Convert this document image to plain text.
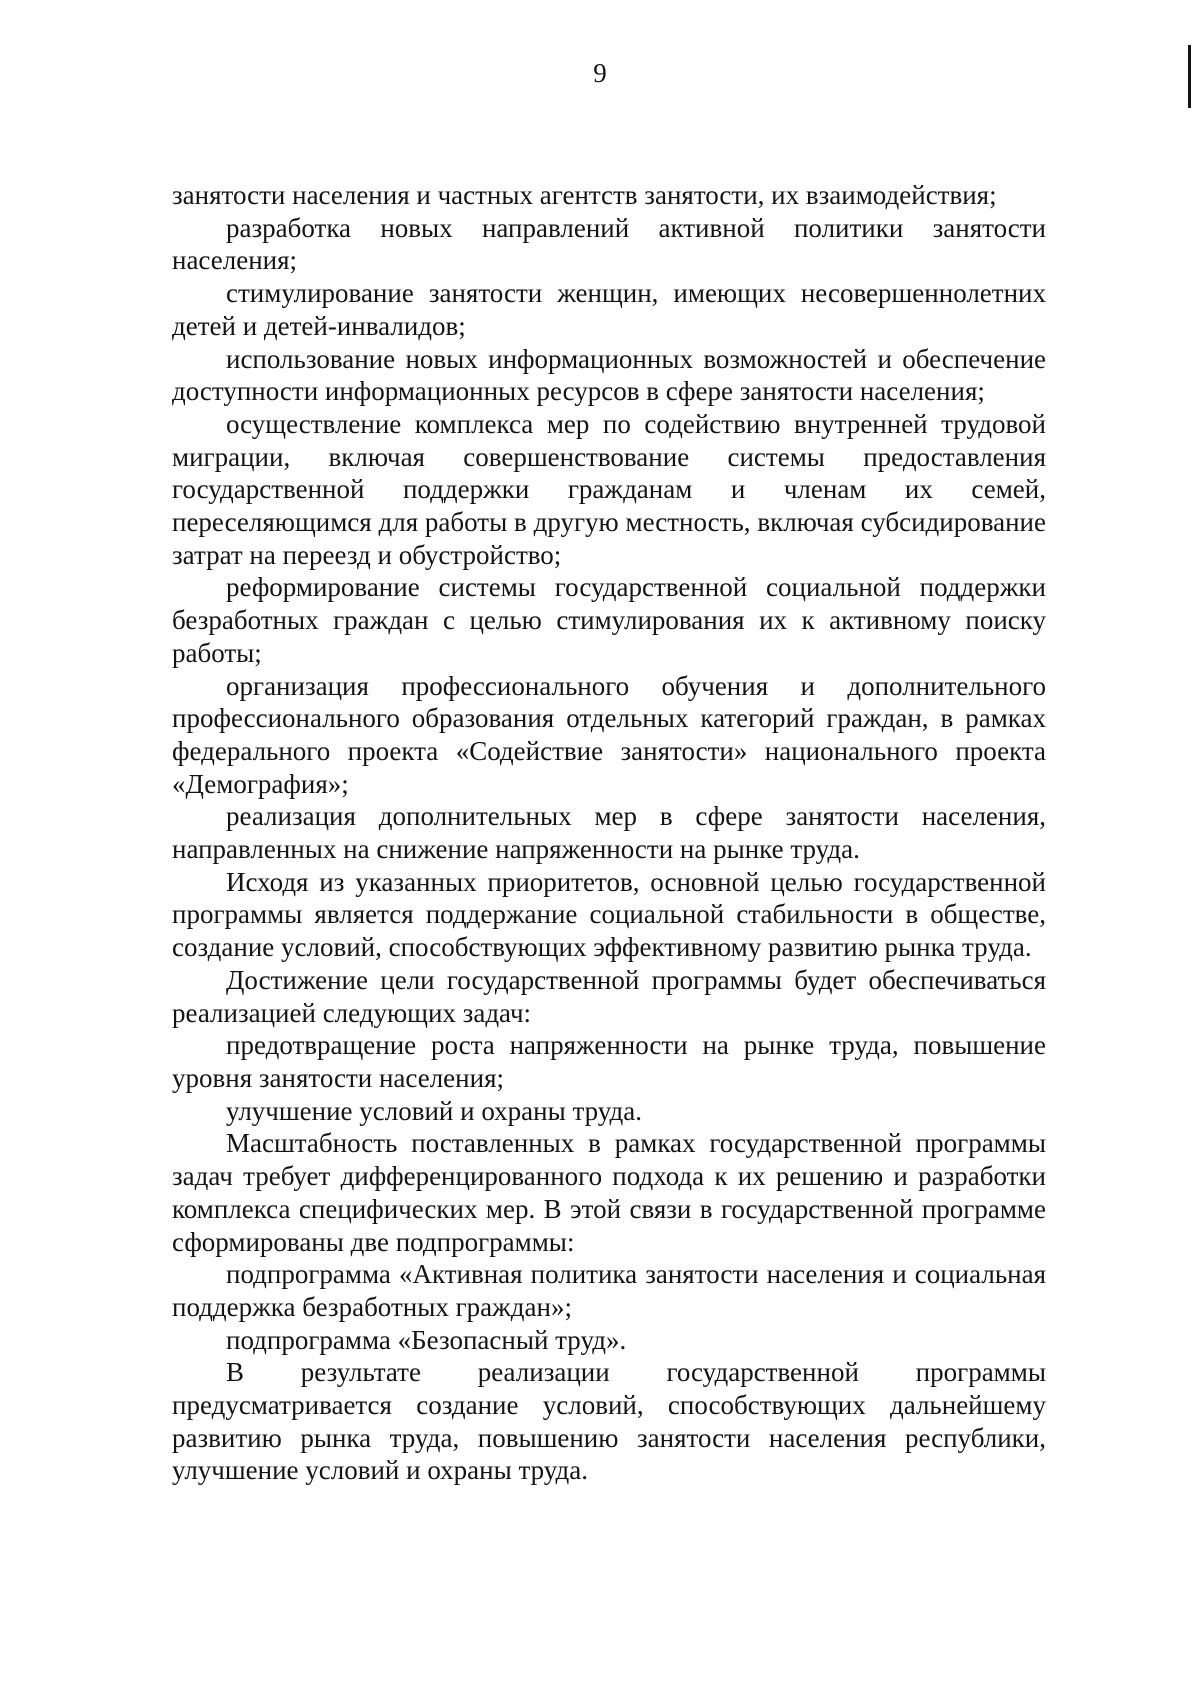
9

занятости населения и частных агентств занятости, их взаимодействия;

разработка новых направлений активной политики занятости населения;

стимулирование занятости женщин, имеющих несовершеннолетних детей и детей-инвалидов;

использование новых информационных возможностей и обеспечение доступности информационных ресурсов в сфере занятости населения;

осуществление комплекса мер по содействию внутренней трудовой миграции, включая совершенствование системы предоставления государственной поддержки гражданам и членам их семей, переселяющимся для работы в другую местность, включая субсидирование затрат на переезд и обустройство;

реформирование системы государственной социальной поддержки безработных граждан с целью стимулирования их к активному поиску работы;

организация профессионального обучения и дополнительного профессионального образования отдельных категорий граждан, в рамках федерального проекта «Содействие занятости» национального проекта «Демография»;

реализация дополнительных мер в сфере занятости населения, направленных на снижение напряженности на рынке труда.

Исходя из указанных приоритетов, основной целью государственной программы является поддержание социальной стабильности в обществе, создание условий, способствующих эффективному развитию рынка труда.

Достижение цели государственной программы будет обеспечиваться реализацией следующих задач:

предотвращение роста напряженности на рынке труда, повышение уровня занятости населения;

улучшение условий и охраны труда.

Масштабность поставленных в рамках государственной программы задач требует дифференцированного подхода к их решению и разработки комплекса специфических мер. В этой связи в государственной программе сформированы две подпрограммы:

подпрограмма «Активная политика занятости населения и социальная поддержка безработных граждан»;

подпрограмма «Безопасный труд».

В результате реализации государственной программы предусматривается создание условий, способствующих дальнейшему развитию рынка труда, повышению занятости населения республики, улучшение условий и охраны труда.
